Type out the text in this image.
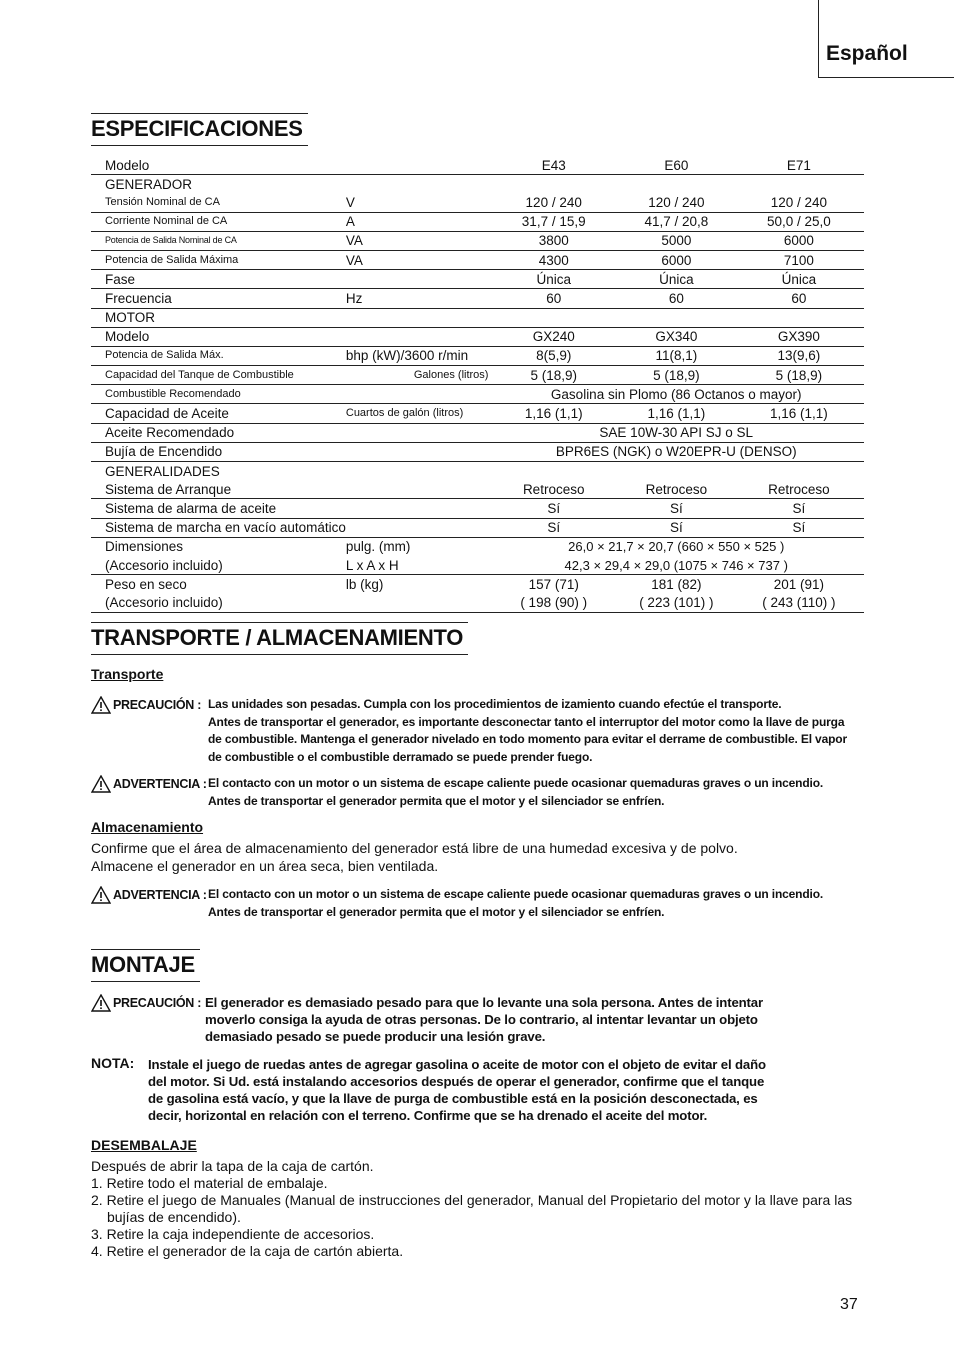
Español
ESPECIFICACIONES
Modelo		E43	E60	E71
GENERADOR				
Tensión Nominal de CA	V	120 / 240	120 / 240	120 / 240
Corriente Nominal de CA	A	31,7 / 15,9	41,7 / 20,8	50,0 / 25,0
Potencia de Salida Nominal de CA	VA	3800	5000	6000
Potencia de Salida Máxima	VA	4300	6000	7100
Fase		Única	Única	Única
Frecuencia	Hz	60	60	60
MOTOR				
Modelo		GX240	GX340	GX390
Potencia de Salida Máx.	bhp (kW)/3600 r/min	8(5,9)	11(8,1)	13(9,6)
Capacidad del Tanque de Combustible	Galones (litros)	5 (18,9)	5 (18,9)	5 (18,9)
Combustible Recomendado		Gasolina sin Plomo (86 Octanos o mayor)		
Capacidad de Aceite	Cuartos de galón (litros)	1,16 (1,1)	1,16 (1,1)	1,16 (1,1)
Aceite Recomendado		SAE 10W-30 API SJ o SL		
Bujía de Encendido		BPR6ES (NGK) o W20EPR-U (DENSO)		
GENERALIDADES				
Sistema de Arranque		Retroceso	Retroceso	Retroceso
Sistema de alarma de aceite		Sí	Sí	Sí
Sistema de marcha en vacío automático		Sí	Sí	Sí
Dimensiones	pulg. (mm)	26,0 × 21,7 × 20,7 (660 × 550 × 525 )		
(Accesorio incluido)	L x A x H	42,3 × 29,4 × 29,0 (1075 × 746 × 737 )		
Peso en seco	lb (kg)	157 (71)	181 (82)	201 (91)
(Accesorio incluido)		( 198 (90) )	( 223 (101) )	( 243 (110) )
TRANSPORTE / ALMACENAMIENTO
Transporte
PRECAUCIÓN : Las unidades son pesadas. Cumpla con los procedimientos de izamiento cuando efectúe el transporte.
Antes de transportar el generador, es importante desconectar tanto el interruptor del motor como la llave de purga
de combustible. Mantenga el generador nivelado en todo momento para evitar el derrame de combustible. El vapor
de combustible o el combustible derramado se puede prender fuego.
ADVERTENCIA : El contacto con un motor o un sistema de escape caliente puede ocasionar quemaduras graves o un incendio.
Antes de transportar el generador permita que el motor y el silenciador se enfríen.
Almacenamiento
Confirme que el área de almacenamiento del generador está libre de una humedad excesiva y de polvo.
Almacene el generador en un área seca, bien ventilada.
ADVERTENCIA : El contacto con un motor o un sistema de escape caliente puede ocasionar quemaduras graves o un incendio.
Antes de transportar el generador permita que el motor y el silenciador se enfríen.
MONTAJE
PRECAUCIÓN : El generador es demasiado pesado para que lo levante una sola persona. Antes de intentar
moverlo consiga la ayuda de otras personas. De lo contrario, al intentar levantar un objeto
demasiado pesado se puede producir una lesión grave.
NOTA: Instale el juego de ruedas antes de agregar gasolina o aceite de motor con el objeto de evitar el daño
del motor. Si Ud. está instalando accesorios después de operar el generador, confirme que el tanque
de gasolina está vacío, y que la llave de purga de combustible está en la posición desconectada, es
decir, horizontal en relación con el terreno. Confirme que se ha drenado el aceite del motor.
DESEMBALAJE
Después de abrir la tapa de la caja de cartón.
1. Retire todo el material de embalaje.
2. Retire el juego de Manuales (Manual de instrucciones del generador, Manual del Propietario del motor y la llave para las bujías de encendido).
3. Retire la caja independiente de accesorios.
4. Retire el generador de la caja de cartón abierta.
37
